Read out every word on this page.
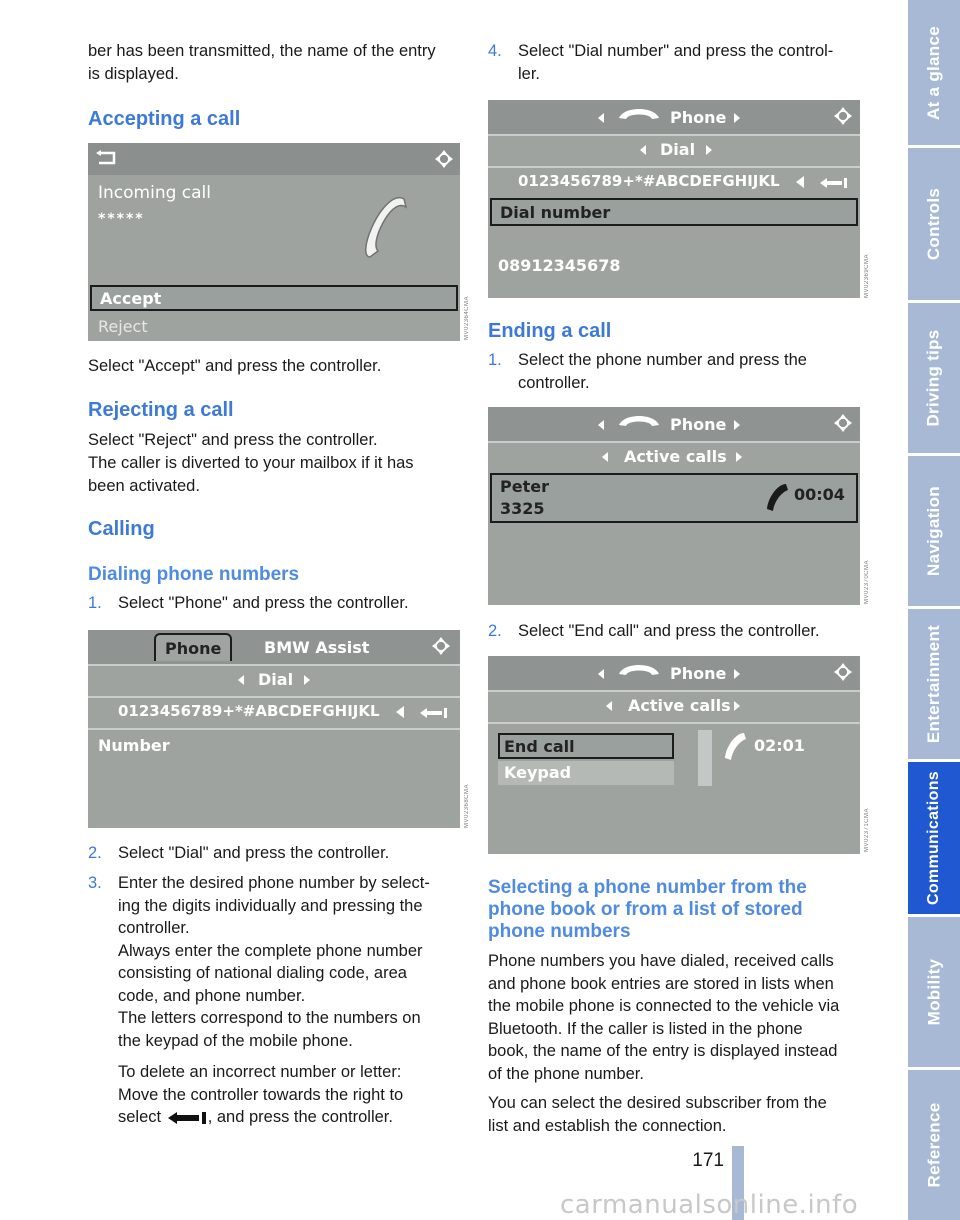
At a glance
Controls
Driving tips
Navigation
Entertainment
Communications
Mobility
Reference
171
ber has been transmitted, the name of the entry
is displayed.
Accepting a call
Incoming call
*****
Accept
Reject	MV02364CMA
Select "Accept" and press the controller.
Rejecting a call
Select "Reject" and press the controller.
The caller is diverted to your mailbox if it has
been activated.
Calling
Dialing phone numbers
1. Select "Phone" and press the controller.
Phone	BMW Assist
Dial
0123456789+*#ABCDEFGHIJKL
Number
MV02368CMA
2. Select "Dial" and press the controller.
3. Enter the desired phone number by select-
ing the digits individually and pressing the
controller.
Always enter the complete phone number
consisting of national dialing code, area
code, and phone number.
The letters correspond to the numbers on
the keypad of the mobile phone.
To delete an incorrect number or letter:
Move the controller towards the right to
select	, and press the controller.
4. Select "Dial number" and press the control-
ler.
Phone
Dial
0123456789+*#ABCDEFGHIJKL
Dial number
08912345678	MV02369CMA
Ending a call
1. Select the phone number and press the
controller.
Phone
Active calls
Peter
3325
00:04
MV02370CMA
2. Select "End call" and press the controller.
Phone
Active calls
End call
Keypad
02:01
MV02371CMA
Selecting a phone number from the
phone book or from a list of stored
phone numbers
Phone numbers you have dialed, received calls
and phone book entries are stored in lists when
the mobile phone is connected to the vehicle via
Bluetooth. If the caller is listed in the phone
book, the name of the entry is displayed instead
of the phone number.
You can select the desired subscriber from the
list and establish the connection.
carmanualsonline.info
